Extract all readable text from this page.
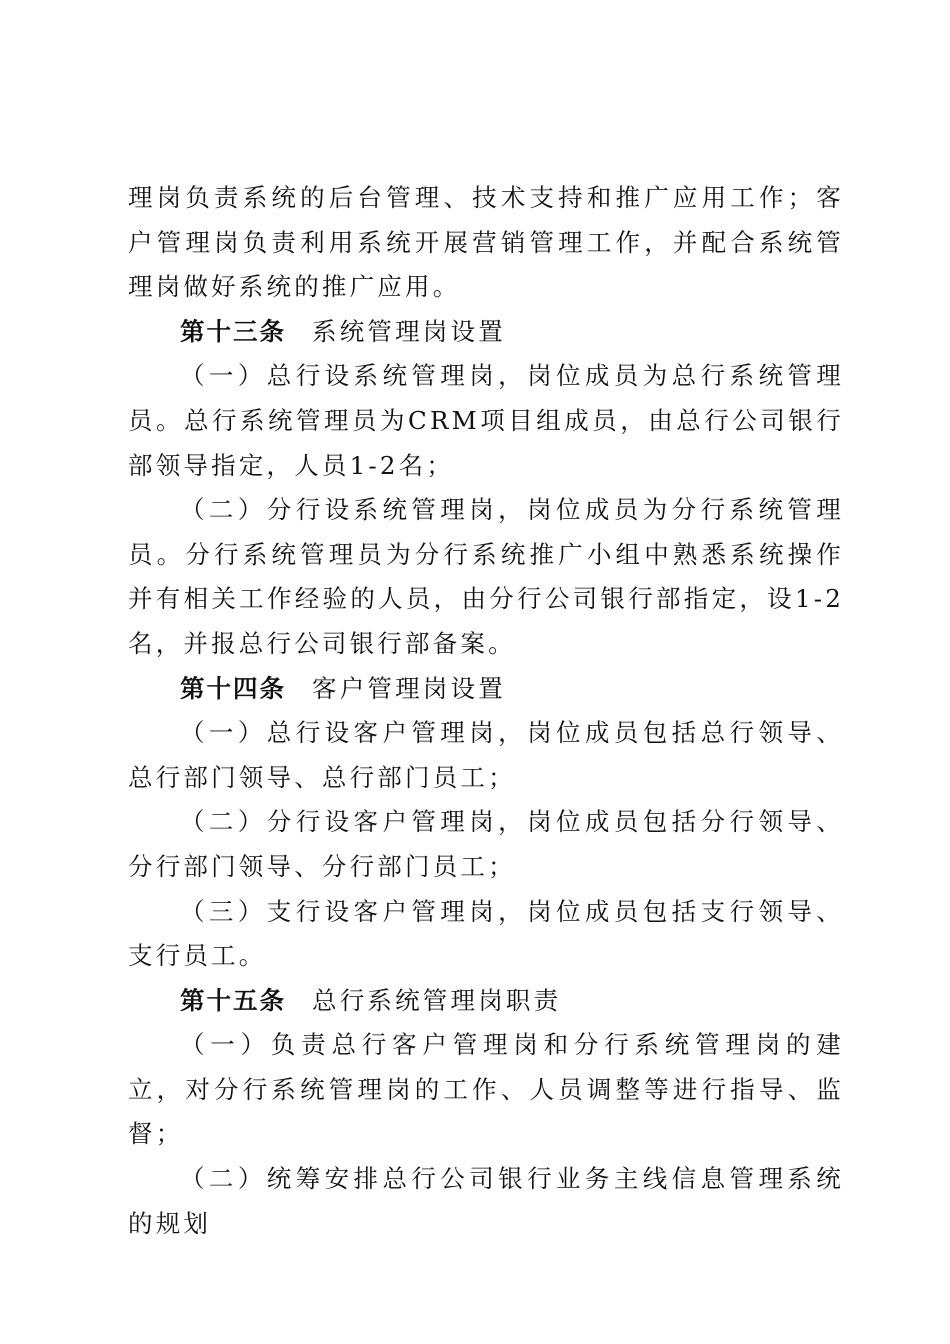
理岗负责系统的后台管理、技术支持和推广应用工作；客户管理岗负责利用系统开展营销管理工作，并配合系统管理岗做好系统的推广应用。

第十三条 系统管理岗设置

（一）总行设系统管理岗，岗位成员为总行系统管理员。总行系统管理员为CRM项目组成员，由总行公司银行部领导指定，人员1-2名；

（二）分行设系统管理岗，岗位成员为分行系统管理员。分行系统管理员为分行系统推广小组中熟悉系统操作并有相关工作经验的人员，由分行公司银行部指定，设1-2名，并报总行公司银行部备案。

第十四条 客户管理岗设置

（一）总行设客户管理岗，岗位成员包括总行领导、总行部门领导、总行部门员工；

（二）分行设客户管理岗，岗位成员包括分行领导、分行部门领导、分行部门员工；

（三）支行设客户管理岗，岗位成员包括支行领导、支行员工。

第十五条 总行系统管理岗职责

（一）负责总行客户管理岗和分行系统管理岗的建立，对分行系统管理岗的工作、人员调整等进行指导、监督；

（二）统筹安排总行公司银行业务主线信息管理系统的规划
